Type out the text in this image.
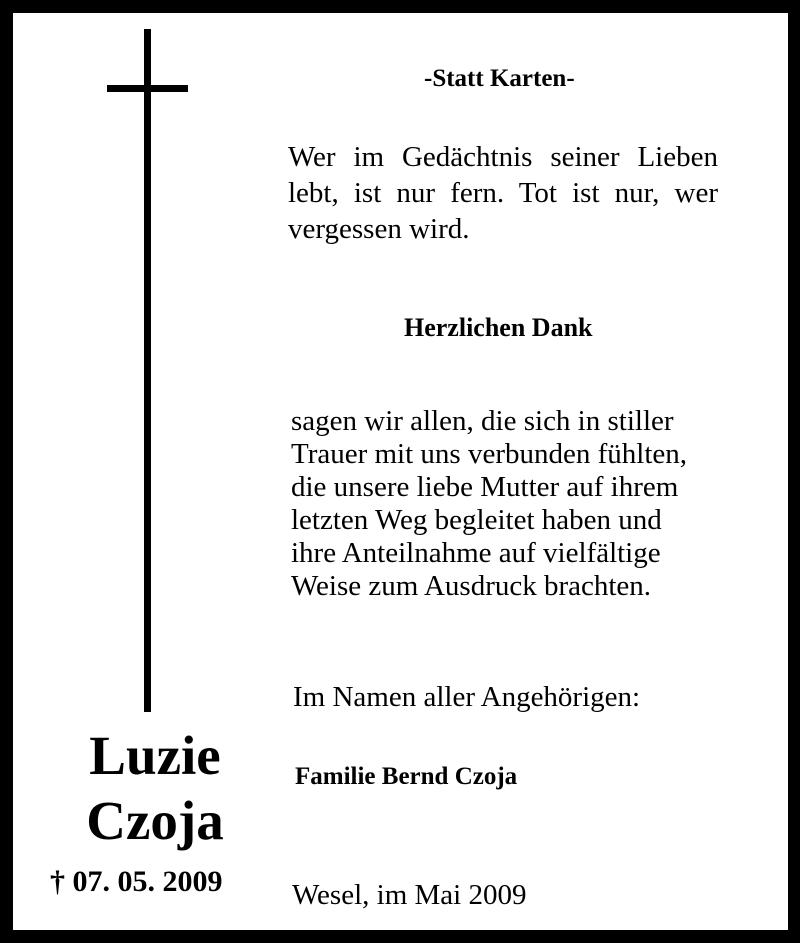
-Statt Karten-
Wer im Gedächtnis seiner Lieben lebt, ist nur fern. Tot ist nur, wer vergessen wird.
Herzlichen Dank
sagen wir allen, die sich in stiller
Trauer mit uns verbunden fühlten,
die unsere liebe Mutter auf ihrem
letzten Weg begleitet haben und
ihre Anteilnahme auf vielfältige
Weise zum Ausdruck brachten.
Im Namen aller Angehörigen:
Familie Bernd Czoja
Wesel, im Mai 2009
Luzie
Czoja
† 07. 05. 2009
